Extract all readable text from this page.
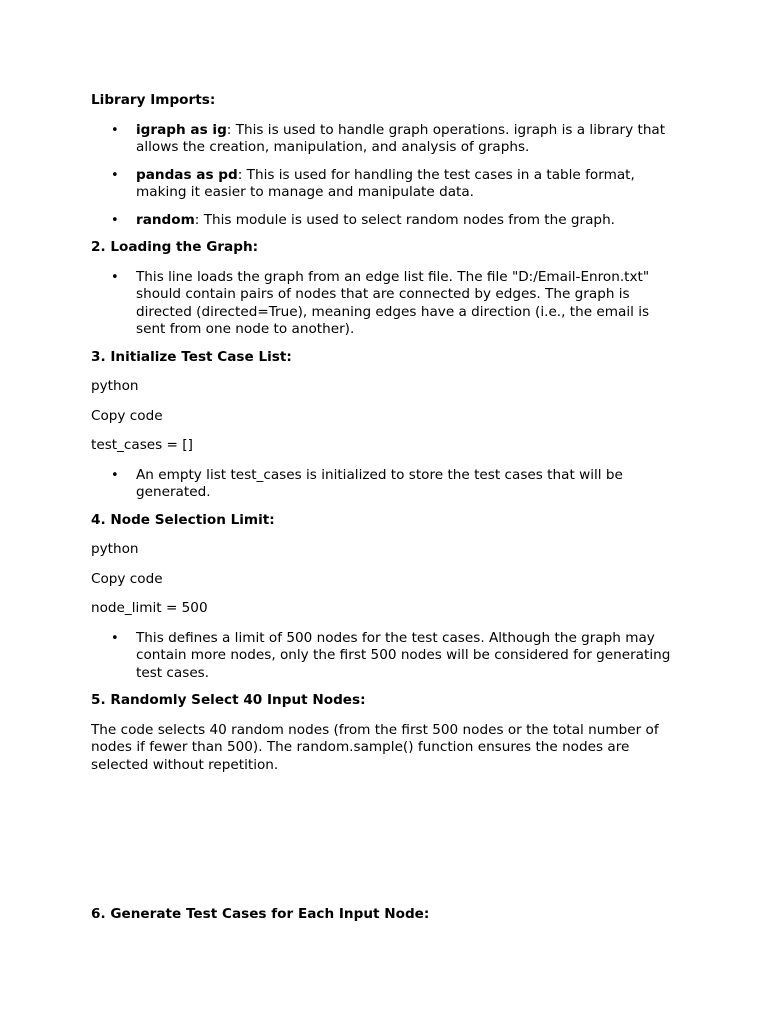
Library Imports:

• igraph as ig: This is used to handle graph operations. igraph is a library that allows the creation, manipulation, and analysis of graphs.
• pandas as pd: This is used for handling the test cases in a table format, making it easier to manage and manipulate data.
• random: This module is used to select random nodes from the graph.

2. Loading the Graph:

• This line loads the graph from an edge list file. The file "D:/Email-Enron.txt" should contain pairs of nodes that are connected by edges. The graph is directed (directed=True), meaning edges have a direction (i.e., the email is sent from one node to another).

3. Initialize Test Case List:

python

Copy code

test_cases = []

• An empty list test_cases is initialized to store the test cases that will be generated.

4. Node Selection Limit:

python

Copy code

node_limit = 500

• This defines a limit of 500 nodes for the test cases. Although the graph may contain more nodes, only the first 500 nodes will be considered for generating test cases.

5. Randomly Select 40 Input Nodes:

The code selects 40 random nodes (from the first 500 nodes or the total number of nodes if fewer than 500). The random.sample() function ensures the nodes are selected without repetition.

6. Generate Test Cases for Each Input Node:
